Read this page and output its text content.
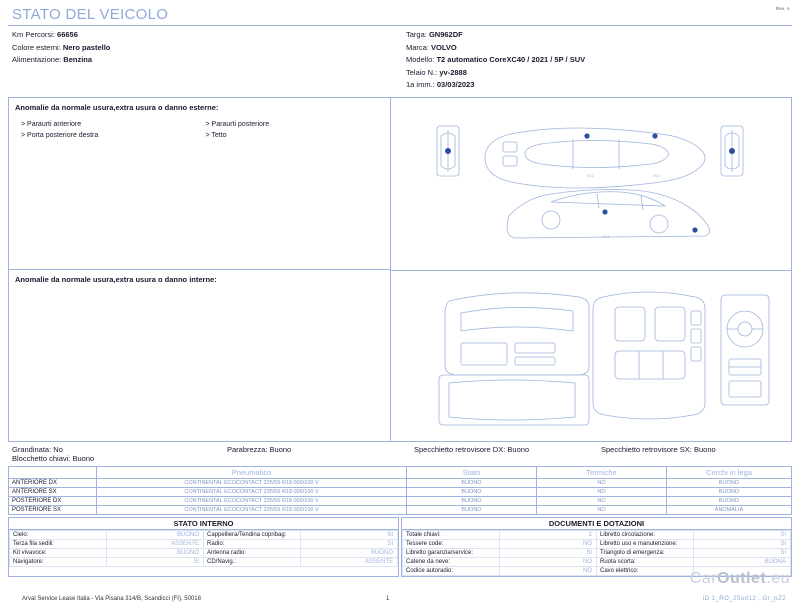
Rev. A
STATO DEL VEICOLO
Km Percorsi: 66656
Colore esterni: Nero pastello
Alimentazione: Benzina
Targa: GN962DF
Marca: VOLVO
Modello: T2 automatico CoreXC40 / 2021 / 5P / SUV
Telaio N.: yv-2888
1a imm.: 03/03/2023
Anomalie da normale usura,extra usura o danno esterne:
> Paraurti anteriore
> Porta posteriore destra
> Paraurti posteriore
> Tetto
Anomalie da normale usura,extra usura o danno interne:
002	003
001
Grandinata: No	Parabrezza: Buono	Specchietto retrovisore DX: Buono	Specchietto retrovisore SX: Buono
Blocchetto chiavi: Buono
	Pneumatico	Stato	Termiche	Cerchi in lega
ANTERIORE DX	CONTINENTAL ECOCONTACT 235/55 R18 000/100 V	BUONO	NO	BUONO
ANTERIORE SX	CONTINENTAL ECOCONTACT 235/55 R18 000/100 V	BUONO	NO	BUONO
POSTERIORE DX	CONTINENTAL ECOCONTACT 235/55 R18 000/100 V	BUONO	NO	BUONO
POSTERIORE SX	CONTINENTAL ECOCONTACT 235/55 R18 000/100 V	BUONO	NO	ANOMALIA
STATO INTERNO
Cielo:	BUONO	Cappelliera/Tendina copribag:	SI
Terza fila sedili:	ASSENTE	Radio:	SI
Kit vivavoce:	BUONO	Antenna radio:	BUONO
Navigatore:	SI	CD/Navig.:	ASSENTE
DOCUMENTI E DOTAZIONI
Totale chiavi:	2	Libretto circolazione:	SI
Tessere code:	NO	Libretto uso e manutenzione:	SI
Libretto garanzia/service:	SI	Triangolo di emergenza:	SI
Catene da neve:	NO	Ruota scorta:	BUONA
Codice autoradio:	NO	Cavo elettrico:		CarOutlet.eu
Arval Service Lease Italia - Via Pisana 314/B, Scandicci (FI), 50018	1	ID 1_RO_25ud12 , Gr_pZ2
